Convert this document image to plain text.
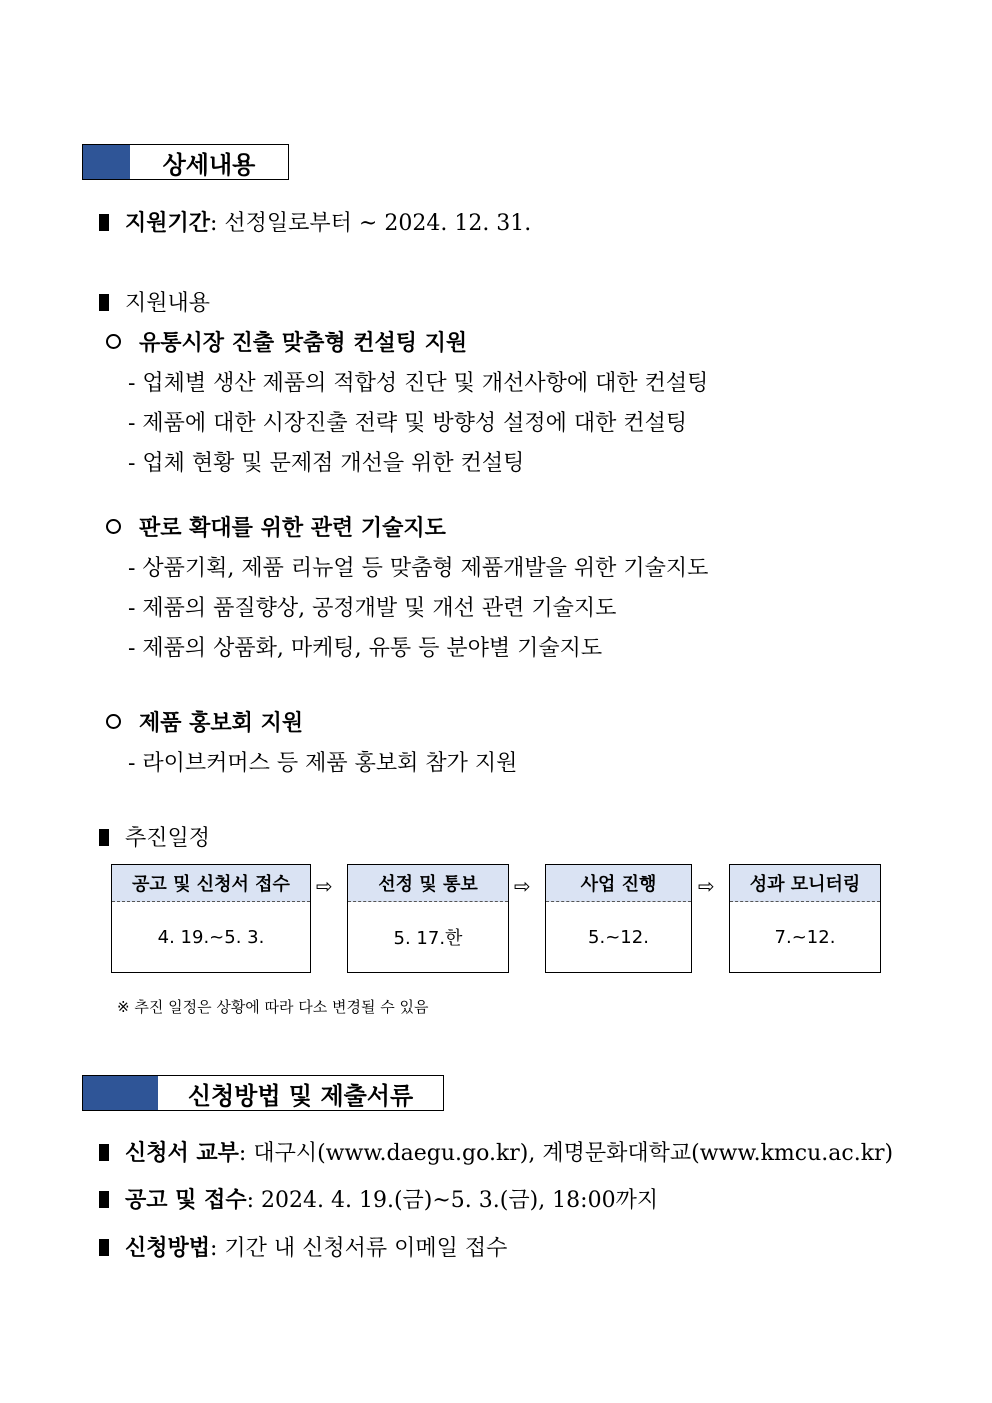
상세내용
지원기간: 선정일로부터 ~ 2024. 12. 31.
지원내용
유통시장 진출 맞춤형 컨설팅 지원
- 업체별 생산 제품의 적합성 진단 및 개선사항에 대한 컨설팅
- 제품에 대한 시장진출 전략 및 방향성 설정에 대한 컨설팅
- 업체 현황 및 문제점 개선을 위한 컨설팅
판로 확대를 위한 관련 기술지도
- 상품기획, 제품 리뉴얼 등 맞춤형 제품개발을 위한 기술지도
- 제품의 품질향상, 공정개발 및 개선 관련 기술지도
- 제품의 상품화, 마케팅, 유통 등 분야별 기술지도
제품 홍보회 지원
- 라이브커머스 등 제품 홍보회 참가 지원
추진일정
공고 및 신청서 접수
4. 19.~5. 3.
⇨	선정 및 통보
5. 17.한
⇨	사업 진행
5.~12.
⇨	성과 모니터링
7.~12.
※ 추진 일정은 상황에 따라 다소 변경될 수 있음
신청방법 및 제출서류
신청서 교부: 대구시(www.daegu.go.kr), 계명문화대학교(www.kmcu.ac.kr)
공고 및 접수: 2024. 4. 19.(금)~5. 3.(금), 18:00까지
신청방법: 기간 내 신청서류 이메일 접수
